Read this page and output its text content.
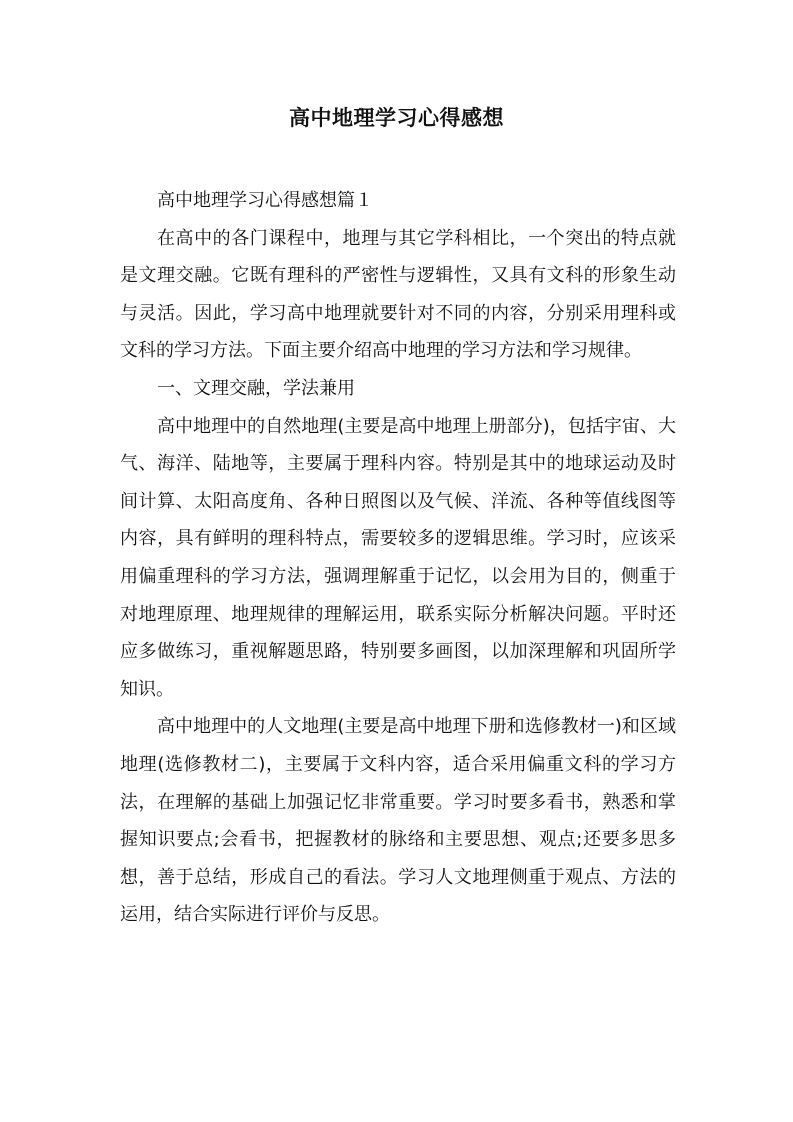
高中地理学习心得感想

高中地理学习心得感想篇１

在高中的各门课程中，地理与其它学科相比，一个突出的特点就是文理交融。它既有理科的严密性与逻辑性，又具有文科的形象生动与灵活。因此，学习高中地理就要针对不同的内容，分别采用理科或文科的学习方法。下面主要介绍高中地理的学习方法和学习规律。

一、文理交融，学法兼用

高中地理中的自然地理(主要是高中地理上册部分)，包括宇宙、大气、海洋、陆地等，主要属于理科内容。特别是其中的地球运动及时间计算、太阳高度角、各种日照图以及气候、洋流、各种等值线图等内容，具有鲜明的理科特点，需要较多的逻辑思维。学习时，应该采用偏重理科的学习方法，强调理解重于记忆，以会用为目的，侧重于对地理原理、地理规律的理解运用，联系实际分析解决问题。平时还应多做练习，重视解题思路，特别要多画图，以加深理解和巩固所学知识。

高中地理中的人文地理(主要是高中地理下册和选修教材一)和区域地理(选修教材二)，主要属于文科内容，适合采用偏重文科的学习方法，在理解的基础上加强记忆非常重要。学习时要多看书，熟悉和掌握知识要点;会看书，把握教材的脉络和主要思想、观点;还要多思多想，善于总结，形成自己的看法。学习人文地理侧重于观点、方法的运用，结合实际进行评价与反思。
